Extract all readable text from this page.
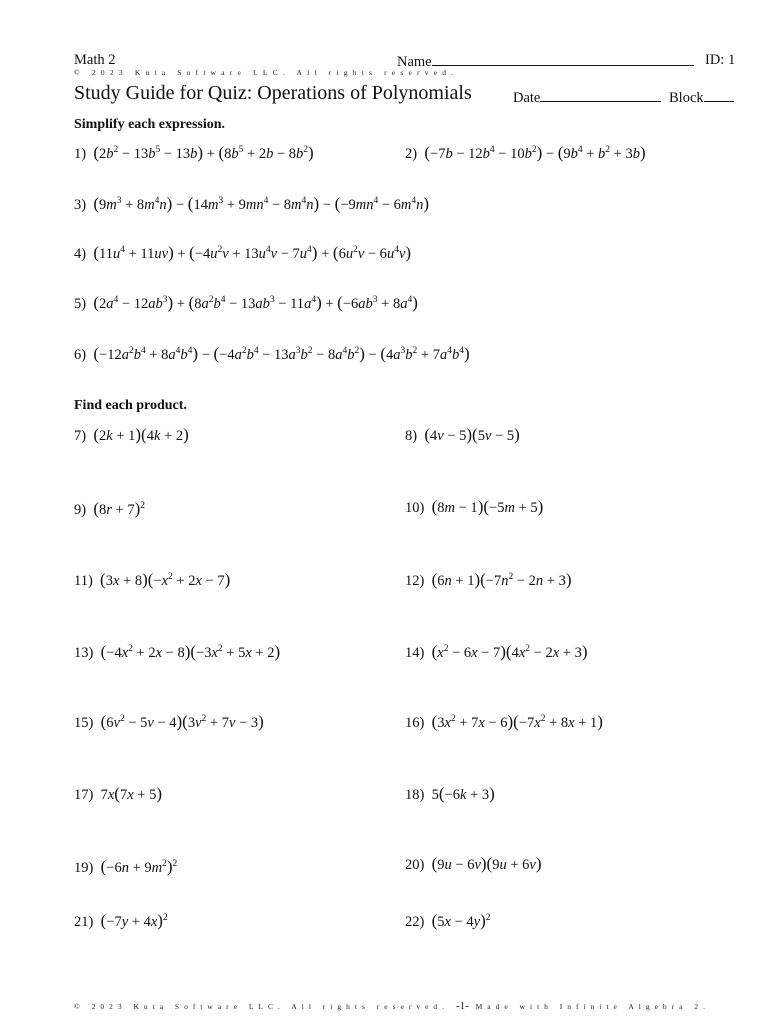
Math 2	Name	ID: 1
© 2023 Kuta Software LLC. All rights reserved.
Study Guide for Quiz: Operations of Polynomials	Date	Block
Simplify each expression.
1) $(2b^2 - 13b^5 - 13b) + (8b^5 + 2b - 8b^2)$	2) $(-7b - 12b^4 - 10b^2) - (9b^4 + b^2 + 3b)$
3) $(9m^3 + 8m^4n) - (14m^3 + 9mn^4 - 8m^4n) - (-9mn^4 - 6m^4n)$
4) $(11u^4 + 11uv) + (-4u^2v + 13u^4v - 7u^4) + (6u^2v - 6u^4v)$
5) $(2a^4 - 12ab^3) + (8a^2b^4 - 13ab^3 - 11a^4) + (-6ab^3 + 8a^4)$
6) $(-12a^2b^4 + 8a^4b^4) - (-4a^2b^4 - 13a^3b^2 - 8a^4b^2) - (4a^3b^2 + 7a^4b^4)$
Find each product.
7) (2k + 1)(4k + 2)	8) (4v − 5)(5v − 5)
9) $(8r + 7)^2$	10) (8m − 1)(−5m + 5)
11) $(3x + 8)(-x^2 + 2x - 7)$	12) $(6n + 1)(-7n^2 - 2n + 3)$
13) $(-4x^2 + 2x - 8)(-3x^2 + 5x + 2)$	14) $(x^2 - 6x - 7)(4x^2 - 2x + 3)$
15) $(6v^2 - 5v - 4)(3v^2 + 7v - 3)$	16) $(3x^2 + 7x - 6)(-7x^2 + 8x + 1)$
17)  7x(7x + 5)	18)  5(−6k + 3)
19) $(-6n + 9m^2)^2$	20) (9u − 6v)(9u + 6v)
21) $(-7y + 4x)^2$	22) $(5x - 4y)^2$
© 2023 Kuta Software LLC. All rights reserved. -1- Made with Infinite Algebra 2.
